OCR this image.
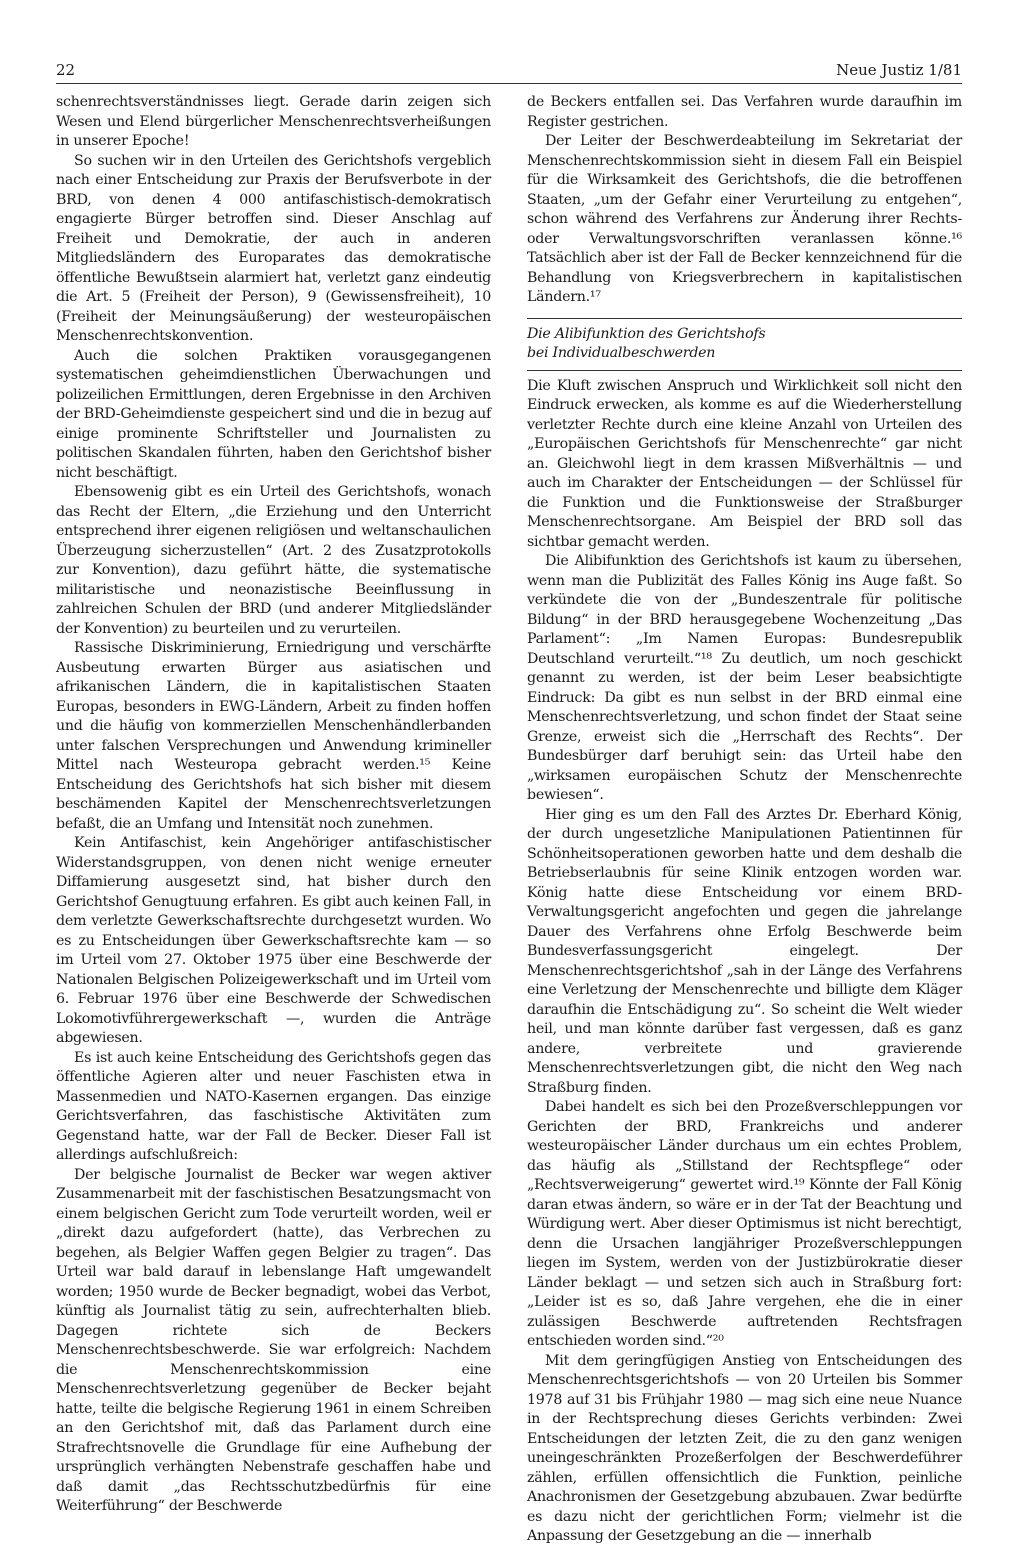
22	Neue Justiz 1/81

schenrechtsverständnisses liegt. Gerade darin zeigen sich Wesen und Elend bürgerlicher Menschenrechtsverheißungen in unserer Epoche!

So suchen wir in den Urteilen des Gerichtshofs vergeblich nach einer Entscheidung zur Praxis der Berufsverbote in der BRD, von denen 4 000 antifaschistisch-demokratisch engagierte Bürger betroffen sind. Dieser Anschlag auf Freiheit und Demokratie, der auch in anderen Mitgliedsländern des Europarates das demokratische öffentliche Bewußtsein alarmiert hat, verletzt ganz eindeutig die Art. 5 (Freiheit der Person), 9 (Gewissensfreiheit), 10 (Freiheit der Meinungsäußerung) der westeuropäischen Menschenrechtskonvention.

Auch die solchen Praktiken vorausgegangenen systematischen geheimdienstlichen Überwachungen und polizeilichen Ermittlungen, deren Ergebnisse in den Archiven der BRD-Geheimdienste gespeichert sind und die in bezug auf einige prominente Schriftsteller und Journalisten zu politischen Skandalen führten, haben den Gerichtshof bisher nicht beschäftigt.

Ebensowenig gibt es ein Urteil des Gerichtshofs, wonach das Recht der Eltern, „die Erziehung und den Unterricht entsprechend ihrer eigenen religiösen und weltanschaulichen Überzeugung sicherzustellen“ (Art. 2 des Zusatzprotokolls zur Konvention), dazu geführt hätte, die systematische militaristische und neonazistische Beeinflussung in zahlreichen Schulen der BRD (und anderer Mitgliedsländer der Konvention) zu beurteilen und zu verurteilen.

Rassische Diskriminierung, Erniedrigung und verschärfte Ausbeutung erwarten Bürger aus asiatischen und afrikanischen Ländern, die in kapitalistischen Staaten Europas, besonders in EWG-Ländern, Arbeit zu finden hoffen und die häufig von kommerziellen Menschenhändlerbanden unter falschen Versprechungen und Anwendung krimineller Mittel nach Westeuropa gebracht werden.¹⁵ Keine Entscheidung des Gerichtshofs hat sich bisher mit diesem beschämenden Kapitel der Menschenrechtsverletzungen befaßt, die an Umfang und Intensität noch zunehmen.

Kein Antifaschist, kein Angehöriger antifaschistischer Widerstandsgruppen, von denen nicht wenige erneuter Diffamierung ausgesetzt sind, hat bisher durch den Gerichtshof Genugtuung erfahren. Es gibt auch keinen Fall, in dem verletzte Gewerkschaftsrechte durchgesetzt wurden. Wo es zu Entscheidungen über Gewerkschaftsrechte kam — so im Urteil vom 27. Oktober 1975 über eine Beschwerde der Nationalen Belgischen Polizeigewerkschaft und im Urteil vom 6. Februar 1976 über eine Beschwerde der Schwedischen Lokomotivführergewerkschaft —, wurden die Anträge abgewiesen.

Es ist auch keine Entscheidung des Gerichtshofs gegen das öffentliche Agieren alter und neuer Faschisten etwa in Massenmedien und NATO-Kasernen ergangen. Das einzige Gerichtsverfahren, das faschistische Aktivitäten zum Gegenstand hatte, war der Fall de Becker. Dieser Fall ist allerdings aufschlußreich:

Der belgische Journalist de Becker war wegen aktiver Zusammenarbeit mit der faschistischen Besatzungsmacht von einem belgischen Gericht zum Tode verurteilt worden, weil er „direkt dazu aufgefordert (hatte), das Verbrechen zu begehen, als Belgier Waffen gegen Belgier zu tragen“. Das Urteil war bald darauf in lebenslange Haft umgewandelt worden; 1950 wurde de Becker begnadigt, wobei das Verbot, künftig als Journalist tätig zu sein, aufrechterhalten blieb. Dagegen richtete sich de Beckers Menschenrechtsbeschwerde. Sie war erfolgreich: Nachdem die Menschenrechtskommission eine Menschenrechtsverletzung gegenüber de Becker bejaht hatte, teilte die belgische Regierung 1961 in einem Schreiben an den Gerichtshof mit, daß das Parlament durch eine Strafrechtsnovelle die Grundlage für eine Aufhebung der ursprünglich verhängten Nebenstrafe geschaffen habe und daß damit „das Rechtsschutzbedürfnis für eine Weiterführung“ der Beschwerde

de Beckers entfallen sei. Das Verfahren wurde daraufhin im Register gestrichen.

Der Leiter der Beschwerdeabteilung im Sekretariat der Menschenrechtskommission sieht in diesem Fall ein Beispiel für die Wirksamkeit des Gerichtshofs, die die betroffenen Staaten, „um der Gefahr einer Verurteilung zu entgehen“, schon während des Verfahrens zur Änderung ihrer Rechts- oder Verwaltungsvorschriften veranlassen könne.¹⁶ Tatsächlich aber ist der Fall de Becker kennzeichnend für die Behandlung von Kriegsverbrechern in kapitalistischen Ländern.¹⁷

Die Alibifunktion des Gerichtshofs
bei Individualbeschwerden

Die Kluft zwischen Anspruch und Wirklichkeit soll nicht den Eindruck erwecken, als komme es auf die Wiederherstellung verletzter Rechte durch eine kleine Anzahl von Urteilen des „Europäischen Gerichtshofs für Menschenrechte“ gar nicht an. Gleichwohl liegt in dem krassen Mißverhältnis — und auch im Charakter der Entscheidungen — der Schlüssel für die Funktion und die Funktionsweise der Straßburger Menschenrechtsorgane. Am Beispiel der BRD soll das sichtbar gemacht werden.

Die Alibifunktion des Gerichtshofs ist kaum zu übersehen, wenn man die Publizität des Falles König ins Auge faßt. So verkündete die von der „Bundeszentrale für politische Bildung“ in der BRD herausgegebene Wochenzeitung „Das Parlament“: „Im Namen Europas: Bundesrepublik Deutschland verurteilt.“¹⁸ Zu deutlich, um noch geschickt genannt zu werden, ist der beim Leser beabsichtigte Eindruck: Da gibt es nun selbst in der BRD einmal eine Menschenrechtsverletzung, und schon findet der Staat seine Grenze, erweist sich die „Herrschaft des Rechts“. Der Bundesbürger darf beruhigt sein: das Urteil habe den „wirksamen europäischen Schutz der Menschenrechte bewiesen“.

Hier ging es um den Fall des Arztes Dr. Eberhard König, der durch ungesetzliche Manipulationen Patientinnen für Schönheitsoperationen geworben hatte und dem deshalb die Betriebserlaubnis für seine Klinik entzogen worden war. König hatte diese Entscheidung vor einem BRD-Verwaltungsgericht angefochten und gegen die jahrelange Dauer des Verfahrens ohne Erfolg Beschwerde beim Bundesverfassungsgericht eingelegt. Der Menschenrechtsgerichtshof „sah in der Länge des Verfahrens eine Verletzung der Menschenrechte und billigte dem Kläger daraufhin die Entschädigung zu“. So scheint die Welt wieder heil, und man könnte darüber fast vergessen, daß es ganz andere, verbreitete und gravierende Menschenrechtsverletzungen gibt, die nicht den Weg nach Straßburg finden.

Dabei handelt es sich bei den Prozeßverschleppungen vor Gerichten der BRD, Frankreichs und anderer westeuropäischer Länder durchaus um ein echtes Problem, das häufig als „Stillstand der Rechtspflege“ oder „Rechtsverweigerung“ gewertet wird.¹⁹ Könnte der Fall König daran etwas ändern, so wäre er in der Tat der Beachtung und Würdigung wert. Aber dieser Optimismus ist nicht berechtigt, denn die Ursachen langjähriger Prozeßverschleppungen liegen im System, werden von der Justizbürokratie dieser Länder beklagt — und setzen sich auch in Straßburg fort: „Leider ist es so, daß Jahre vergehen, ehe die in einer zulässigen Beschwerde auftretenden Rechtsfragen entschieden worden sind.“²⁰

Mit dem geringfügigen Anstieg von Entscheidungen des Menschenrechtsgerichtshofs — von 20 Urteilen bis Sommer 1978 auf 31 bis Frühjahr 1980 — mag sich eine neue Nuance in der Rechtsprechung dieses Gerichts verbinden: Zwei Entscheidungen der letzten Zeit, die zu den ganz wenigen uneingeschränkten Prozeßerfolgen der Beschwerdeführer zählen, erfüllen offensichtlich die Funktion, peinliche Anachronismen der Gesetzgebung abzubauen. Zwar bedürfte es dazu nicht der gerichtlichen Form; vielmehr ist die Anpassung der Gesetzgebung an die — innerhalb
